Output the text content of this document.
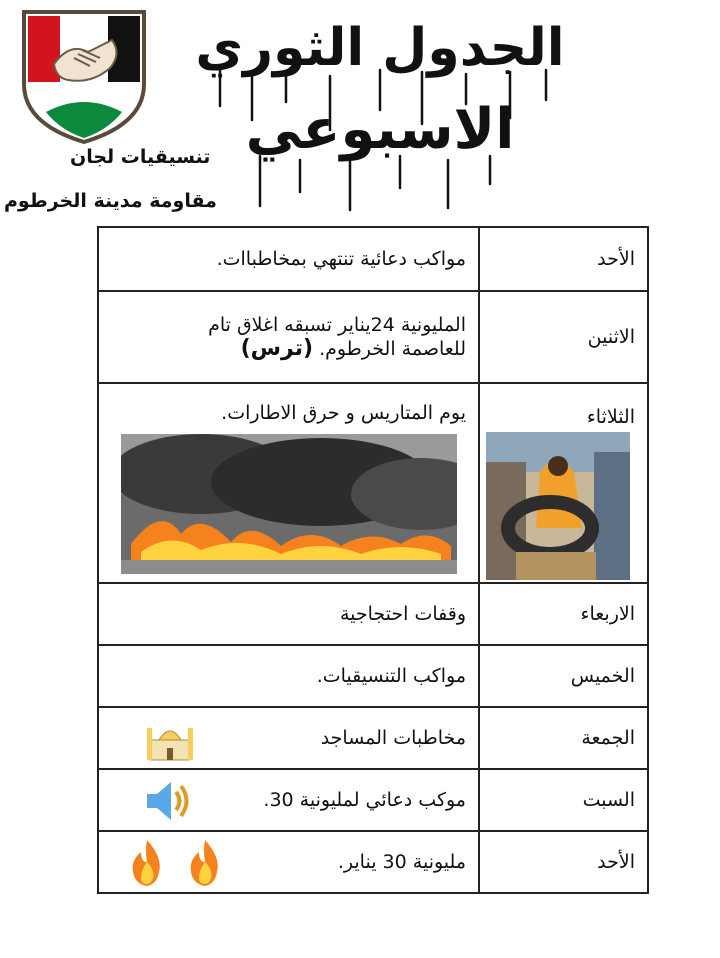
تنسيقيات لجان
مقاومة مدينة الخرطوم
الجدول الثوري
الاسبوعي
الأحد	مواكب دعائية تنتهي بمخاطباات.
الاثنين	المليونية 24يناير تسبقه اغلاق تام
للعاصمة الخرطوم. (ترس)

الثلاثاء	يوم المتاريس و حرق الاطارات.

الاربعاء	وقفات احتجاجية
الخميس	مواكب التنسيقيات.
الجمعة	مخاطبات المساجد

السبت	موكب دعائي لمليونية 30.

الأحد	مليونية 30 يناير.
